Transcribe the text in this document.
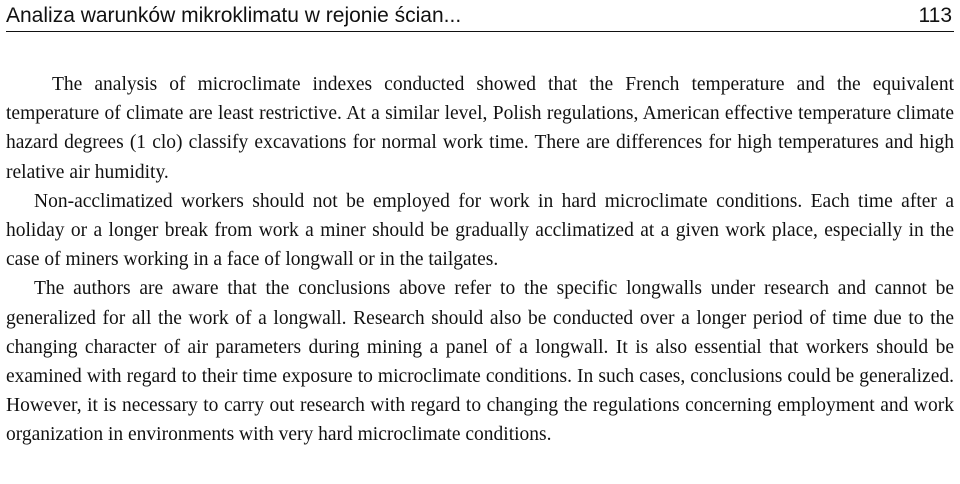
Analiza warunków mikroklimatu w rejonie ścian...	113

The analysis of microclimate indexes conducted showed that the French temperature and the equivalent temperature of climate are least restrictive. At a similar level, Polish regulations, American effective temperature climate hazard degrees (1 clo) classify excavations for normal work time. There are differences for high temperatures and high relative air humidity.

Non-acclimatized workers should not be employed for work in hard microclimate conditions. Each time after a holiday or a longer break from work a miner should be gradually acclimatized at a given work place, especially in the case of miners working in a face of longwall or in the tailgates.

The authors are aware that the conclusions above refer to the specific longwalls under research and cannot be generalized for all the work of a longwall. Research should also be conducted over a longer period of time due to the changing character of air parameters during mining a panel of a longwall. It is also essential that workers should be examined with regard to their time exposure to microclimate conditions. In such cases, conclusions could be generalized. However, it is necessary to carry out research with regard to changing the regulations concerning employment and work organization in environments with very hard microclimate conditions.
